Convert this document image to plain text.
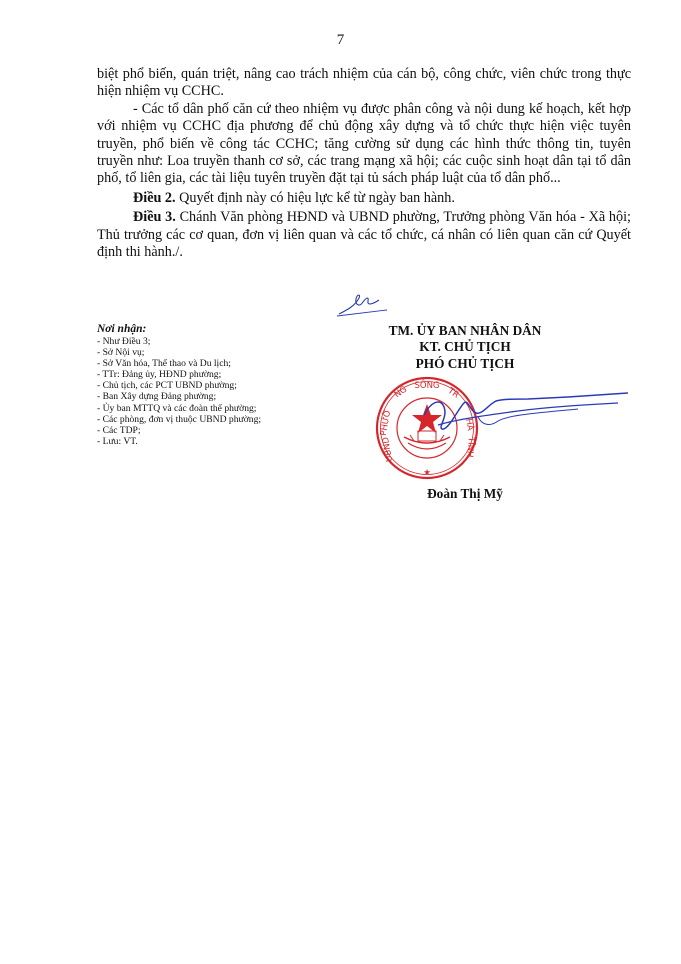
7

biệt phổ biến, quán triệt, nâng cao trách nhiệm của cán bộ, công chức, viên chức trong thực hiện nhiệm vụ CCHC.

- Các tổ dân phố căn cứ theo nhiệm vụ được phân công và nội dung kế hoạch, kết hợp với nhiệm vụ CCHC địa phương để chủ động xây dựng và tổ chức thực hiện việc tuyên truyền, phổ biến về công tác CCHC; tăng cường sử dụng các hình thức thông tin, tuyên truyền như: Loa truyền thanh cơ sở, các trang mạng xã hội; các cuộc sinh hoạt dân tại tổ dân phố, tổ liên gia, các tài liệu tuyên truyền đặt tại tủ sách pháp luật của tổ dân phố...

Điều 2. Quyết định này có hiệu lực kể từ ngày ban hành.

Điều 3. Chánh Văn phòng HĐND và UBND phường, Trưởng phòng Văn hóa - Xã hội; Thủ trưởng các cơ quan, đơn vị liên quan và các tổ chức, cá nhân có liên quan căn cứ Quyết định thi hành./.

Nơi nhận:
- Như Điều 3;
- Sở Nội vụ;
- Sở Văn hóa, Thể thao và Du lịch;
- TTr: Đảng ủy, HĐND phường;
- Chủ tịch, các PCT UBND phường;
- Ban Xây dựng Đảng phường;
- Ủy ban MTTQ và các đoàn thể phường;
- Các phòng, đơn vị thuộc UBND phường;
- Các TDP;
- Lưu: VT.
TM. ỦY BAN NHÂN DÂN
KT. CHỦ TỊCH
PHÓ CHỦ TỊCH
SÔNG
NG	TR
PHƯỜ	HÀ
TĨNH
UBND
★
Đoàn Thị Mỹ
